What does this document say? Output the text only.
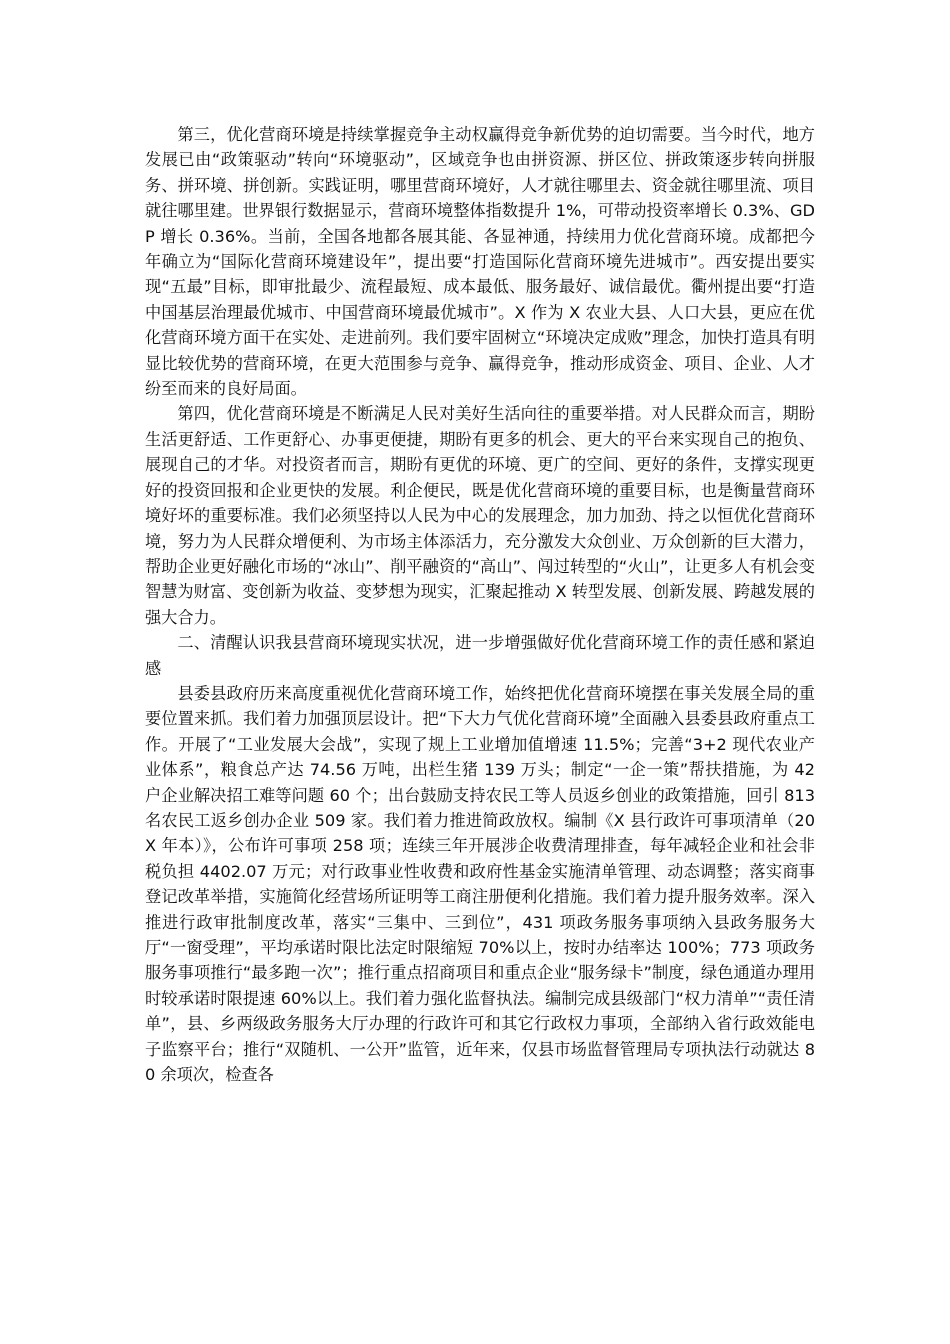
第三，优化营商环境是持续掌握竞争主动权赢得竞争新优势的迫切需要。当今时代，地方发展已由“政策驱动”转向“环境驱动”，区域竞争也由拼资源、拼区位、拼政策逐步转向拼服务、拼环境、拼创新。实践证明，哪里营商环境好，人才就往哪里去、资金就往哪里流、项目就往哪里建。世界银行数据显示，营商环境整体指数提升 1%，可带动投资率增长 0.3%、GDP 增长 0.36%。当前，全国各地都各展其能、各显神通，持续用力优化营商环境。成都把今年确立为“国际化营商环境建设年”，提出要“打造国际化营商环境先进城市”。西安提出要实现“五最”目标，即审批最少、流程最短、成本最低、服务最好、诚信最优。衢州提出要“打造中国基层治理最优城市、中国营商环境最优城市”。X 作为 X 农业大县、人口大县，更应在优化营商环境方面干在实处、走进前列。我们要牢固树立“环境决定成败”理念，加快打造具有明显比较优势的营商环境，在更大范围参与竞争、赢得竞争，推动形成资金、项目、企业、人才纷至而来的良好局面。

第四，优化营商环境是不断满足人民对美好生活向往的重要举措。对人民群众而言，期盼生活更舒适、工作更舒心、办事更便捷，期盼有更多的机会、更大的平台来实现自己的抱负、展现自己的才华。对投资者而言，期盼有更优的环境、更广的空间、更好的条件，支撑实现更好的投资回报和企业更快的发展。利企便民，既是优化营商环境的重要目标，也是衡量营商环境好坏的重要标准。我们必须坚持以人民为中心的发展理念，加力加劲、持之以恒优化营商环境，努力为人民群众增便利、为市场主体添活力，充分激发大众创业、万众创新的巨大潜力，帮助企业更好融化市场的“冰山”、削平融资的“高山”、闯过转型的“火山”，让更多人有机会变智慧为财富、变创新为收益、变梦想为现实，汇聚起推动 X 转型发展、创新发展、跨越发展的强大合力。

二、清醒认识我县营商环境现实状况，进一步增强做好优化营商环境工作的责任感和紧迫感

县委县政府历来高度重视优化营商环境工作，始终把优化营商环境摆在事关发展全局的重要位置来抓。我们着力加强顶层设计。把“下大力气优化营商环境”全面融入县委县政府重点工作。开展了“工业发展大会战”，实现了规上工业增加值增速 11.5%；完善“3+2 现代农业产业体系”，粮食总产达 74.56 万吨，出栏生猪 139 万头；制定“一企一策”帮扶措施，为 42 户企业解决招工难等问题 60 个；出台鼓励支持农民工等人员返乡创业的政策措施，回引 813 名农民工返乡创办企业 509 家。我们着力推进简政放权。编制《X 县行政许可事项清单（20X 年本）》，公布许可事项 258 项；连续三年开展涉企收费清理排查，每年减轻企业和社会非税负担 4402.07 万元；对行政事业性收费和政府性基金实施清单管理、动态调整；落实商事登记改革举措，实施简化经营场所证明等工商注册便利化措施。我们着力提升服务效率。深入推进行政审批制度改革，落实“三集中、三到位”，431 项政务服务事项纳入县政务服务大厅“一窗受理”，平均承诺时限比法定时限缩短 70%以上，按时办结率达 100%；773 项政务服务事项推行“最多跑一次”；推行重点招商项目和重点企业“服务绿卡”制度，绿色通道办理用时较承诺时限提速 60%以上。我们着力强化监督执法。编制完成县级部门“权力清单”“责任清单”，县、乡两级政务服务大厅办理的行政许可和其它行政权力事项，全部纳入省行政效能电子监察平台；推行“双随机、一公开”监管，近年来，仅县市场监督管理局专项执法行动就达 80 余项次，检查各
